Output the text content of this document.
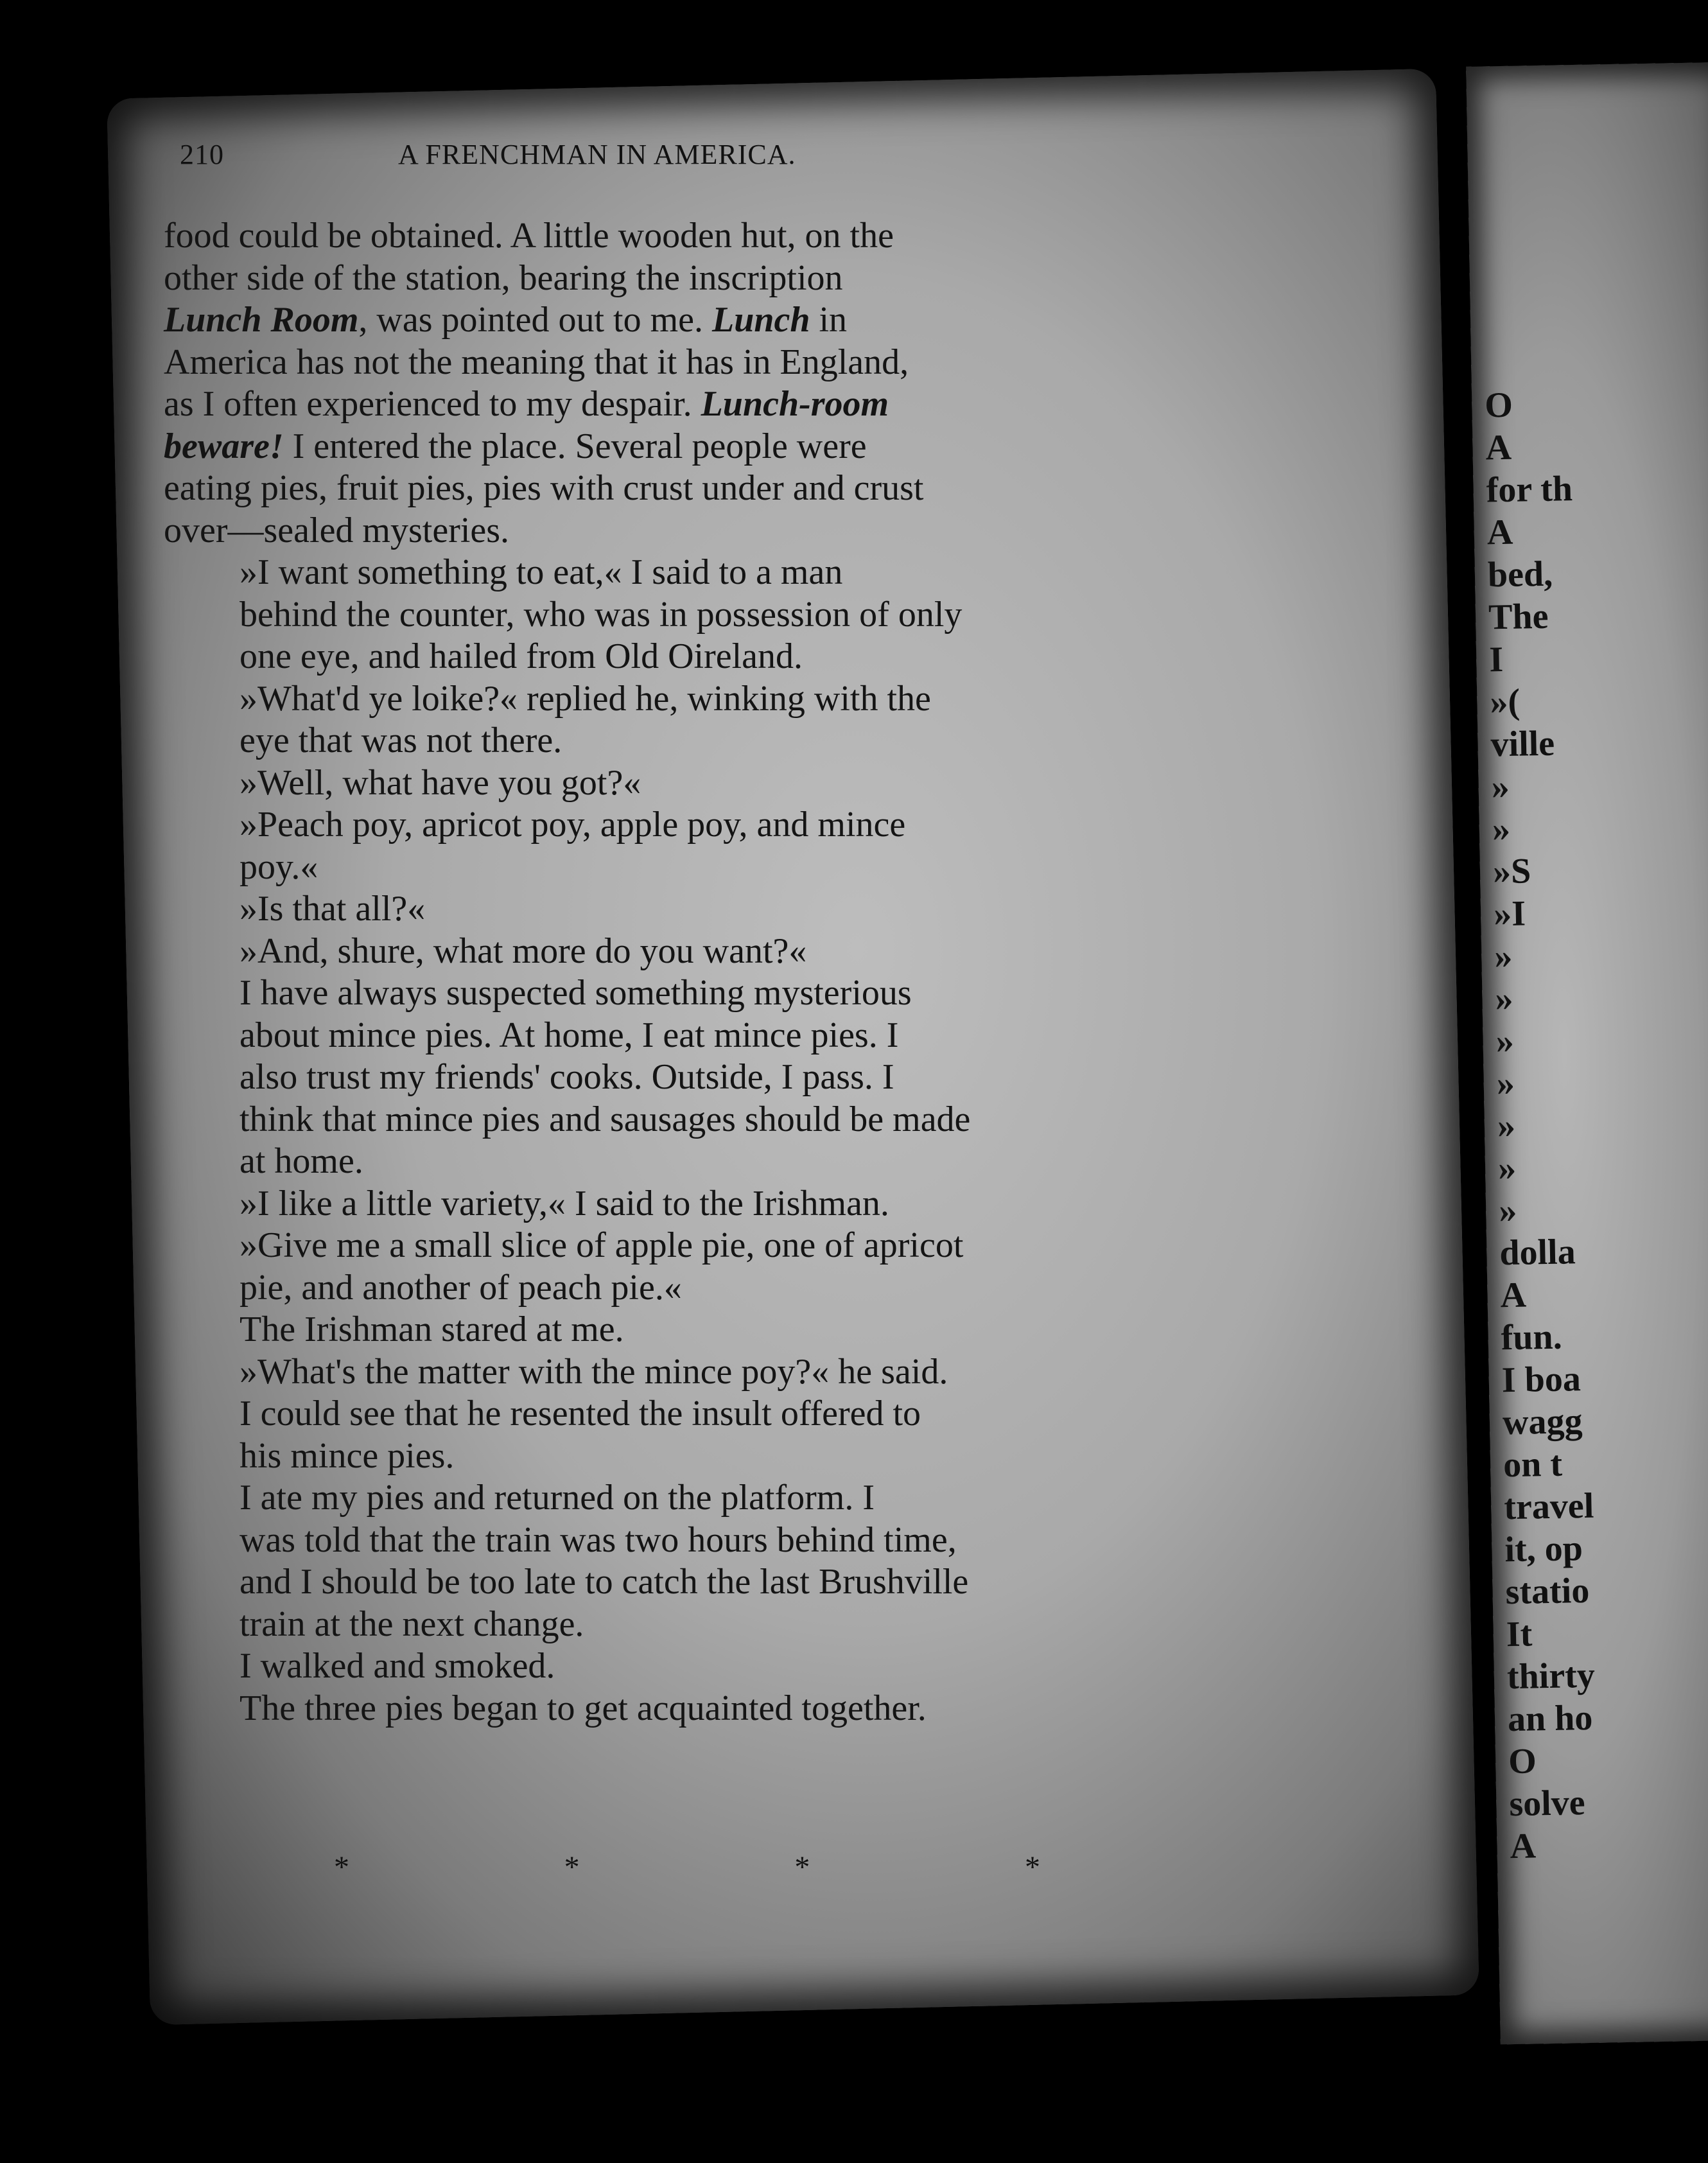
O
A
for th
A
bed,
The
I
»(
ville
»
»
»S
»I
»
»
»
»
»
»
»
dolla
A
fun.
I boa
wagg
on t
travel
it, op
statio
It
thirty
an ho
O
solve
A
210	A FRENCHMAN IN AMERICA.
food could be obtained. A little wooden hut, on the
other side of the station, bearing the inscription
Lunch Room, was pointed out to me. Lunch in
America has not the meaning that it has in England,
as I often experienced to my despair. Lunch-room
beware! I entered the place. Several people were
eating pies, fruit pies, pies with crust under and crust
over—sealed mysteries.
»I want something to eat,« I said to a man
behind the counter, who was in possession of only
one eye, and hailed from Old Oireland.
»What'd ye loike?« replied he, winking with the
eye that was not there.
»Well, what have you got?«
»Peach poy, apricot poy, apple poy, and mince
poy.«
»Is that all?«
»And, shure, what more do you want?«
I have always suspected something mysterious
about mince pies. At home, I eat mince pies. I
also trust my friends' cooks. Outside, I pass. I
think that mince pies and sausages should be made
at home.
»I like a little variety,« I said to the Irishman.
»Give me a small slice of apple pie, one of apricot
pie, and another of peach pie.«
The Irishman stared at me.
»What's the matter with the mince poy?« he said.
I could see that he resented the insult offered to
his mince pies.
I ate my pies and returned on the platform. I
was told that the train was two hours behind time,
and I should be too late to catch the last Brushville
train at the next change.
I walked and smoked.
The three pies began to get acquainted together.
*	*	*	*
